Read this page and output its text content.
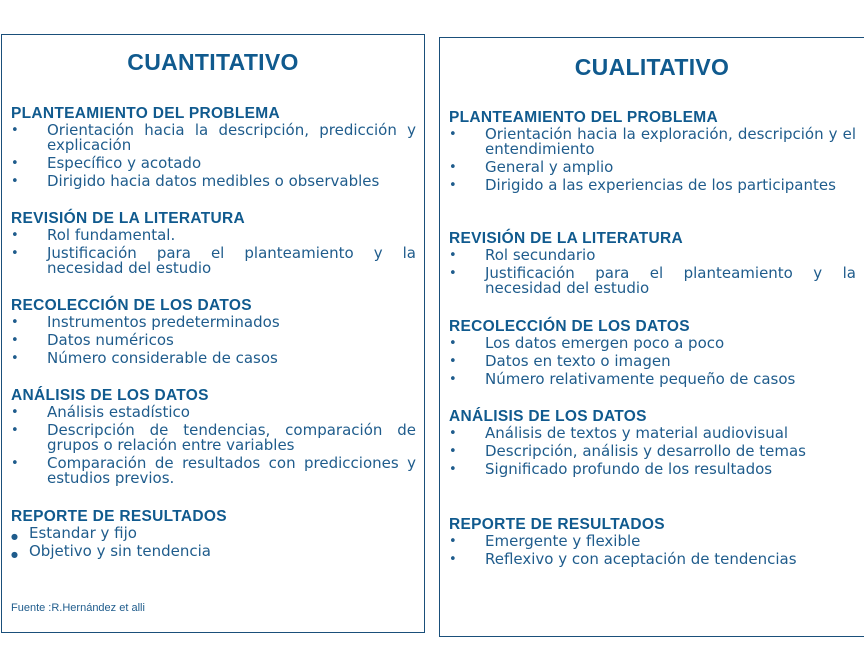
CUANTITATIVO
PLANTEAMIENTO DEL PROBLEMA
• Orientación hacia la descripción, predicción y explicación
• Específico y acotado
• Dirigido hacia datos medibles o observables
REVISIÓN DE LA LITERATURA
• Rol fundamental.
• Justificación para el planteamiento y la necesidad del estudio
RECOLECCIÓN DE LOS DATOS
• Instrumentos predeterminados
• Datos numéricos
• Número considerable de casos
ANÁLISIS DE LOS DATOS
• Análisis estadístico
• Descripción de tendencias, comparación de grupos o relación entre variables
• Comparación de resultados con predicciones y estudios previos.
REPORTE DE RESULTADOS
● Estandar y fijo
● Objetivo y sin tendencia
Fuente :R.Hernández et alli
CUALITATIVO
PLANTEAMIENTO DEL PROBLEMA
• Orientación hacia la exploración, descripción y el entendimiento
• General y amplio
• Dirigido a las experiencias de los participantes
REVISIÓN DE LA LITERATURA
• Rol secundario
• Justificación para el planteamiento y la necesidad del estudio
RECOLECCIÓN DE LOS DATOS
• Los datos emergen poco a poco
• Datos en texto o imagen
• Número relativamente pequeño de casos
ANÁLISIS DE LOS DATOS
• Análisis de textos y material audiovisual
• Descripción, análisis y desarrollo de temas
• Significado profundo de los resultados
REPORTE DE RESULTADOS
• Emergente y flexible
• Reflexivo y con aceptación de tendencias
